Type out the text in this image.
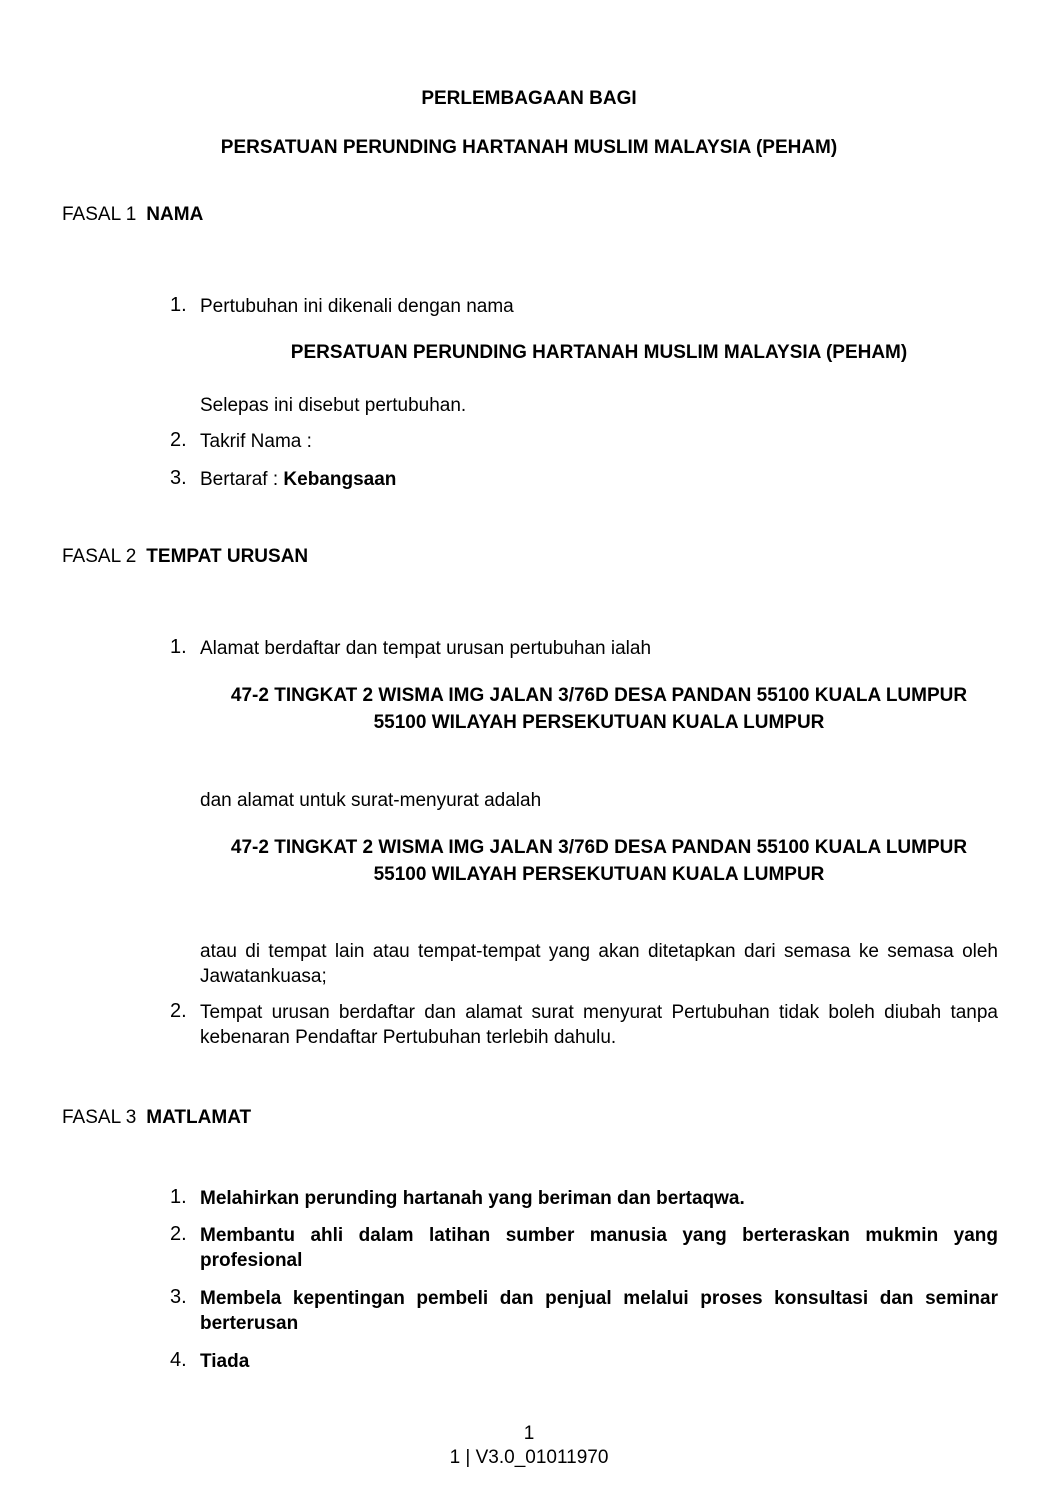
PERLEMBAGAAN BAGI
PERSATUAN PERUNDING HARTANAH MUSLIM MALAYSIA (PEHAM)
FASAL 1 NAMA
1. Pertubuhan ini dikenali dengan nama
PERSATUAN PERUNDING HARTANAH MUSLIM MALAYSIA (PEHAM)
Selepas ini disebut pertubuhan.
2. Takrif Nama :
3. Bertaraf : Kebangsaan
FASAL 2 TEMPAT URUSAN
1. Alamat berdaftar dan tempat urusan pertubuhan ialah
47-2 TINGKAT 2 WISMA IMG JALAN 3/76D DESA PANDAN 55100 KUALA LUMPUR
55100 WILAYAH PERSEKUTUAN KUALA LUMPUR
dan alamat untuk surat-menyurat adalah
47-2 TINGKAT 2 WISMA IMG JALAN 3/76D DESA PANDAN 55100 KUALA LUMPUR
55100 WILAYAH PERSEKUTUAN KUALA LUMPUR
atau di tempat lain atau tempat-tempat yang akan ditetapkan dari semasa ke semasa oleh Jawatankuasa;
2. Tempat urusan berdaftar dan alamat surat menyurat Pertubuhan tidak boleh diubah tanpa kebenaran Pendaftar Pertubuhan terlebih dahulu.
FASAL 3 MATLAMAT
1. Melahirkan perunding hartanah yang beriman dan bertaqwa.
2. Membantu ahli dalam latihan sumber manusia yang berteraskan mukmin yang profesional
3. Membela kepentingan pembeli dan penjual melalui proses konsultasi dan seminar berterusan
4. Tiada
1
1 | V3.0_01011970
